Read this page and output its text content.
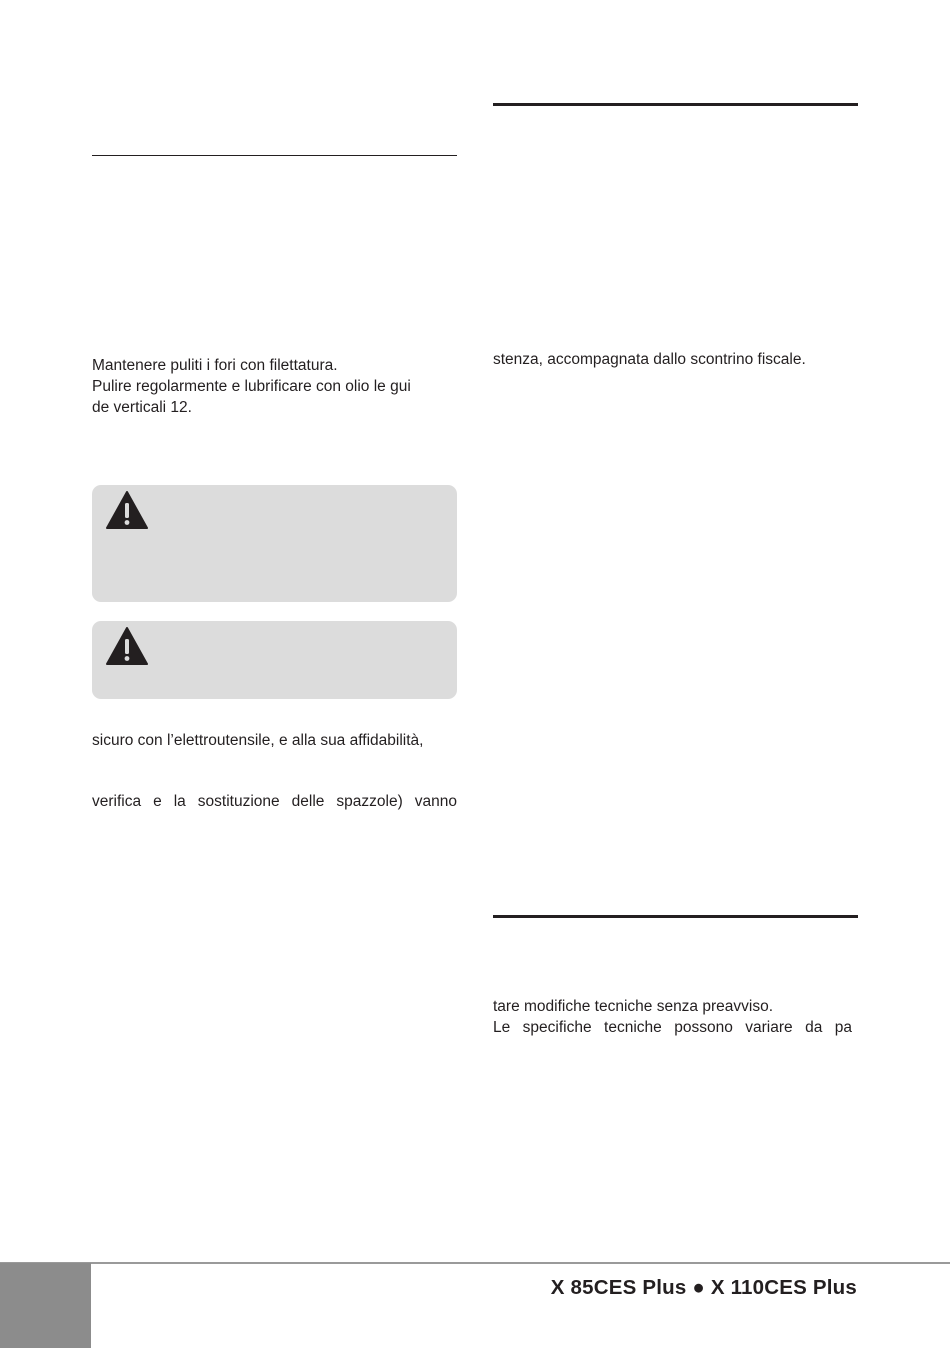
Mantenere puliti i fori con filettatura.
Pulire regolarmente e lubrificare con olio le gui
de verticali 12.
sicuro con l’elettroutensile, e alla sua affidabilità,
verifica e la sostituzione delle spazzole) vanno
stenza, accompagnata dallo scontrino fiscale.
tare modifiche tecniche senza preavviso.
Le specifiche tecniche possono variare da pa
X 85CES Plus ● X 110CES Plus
